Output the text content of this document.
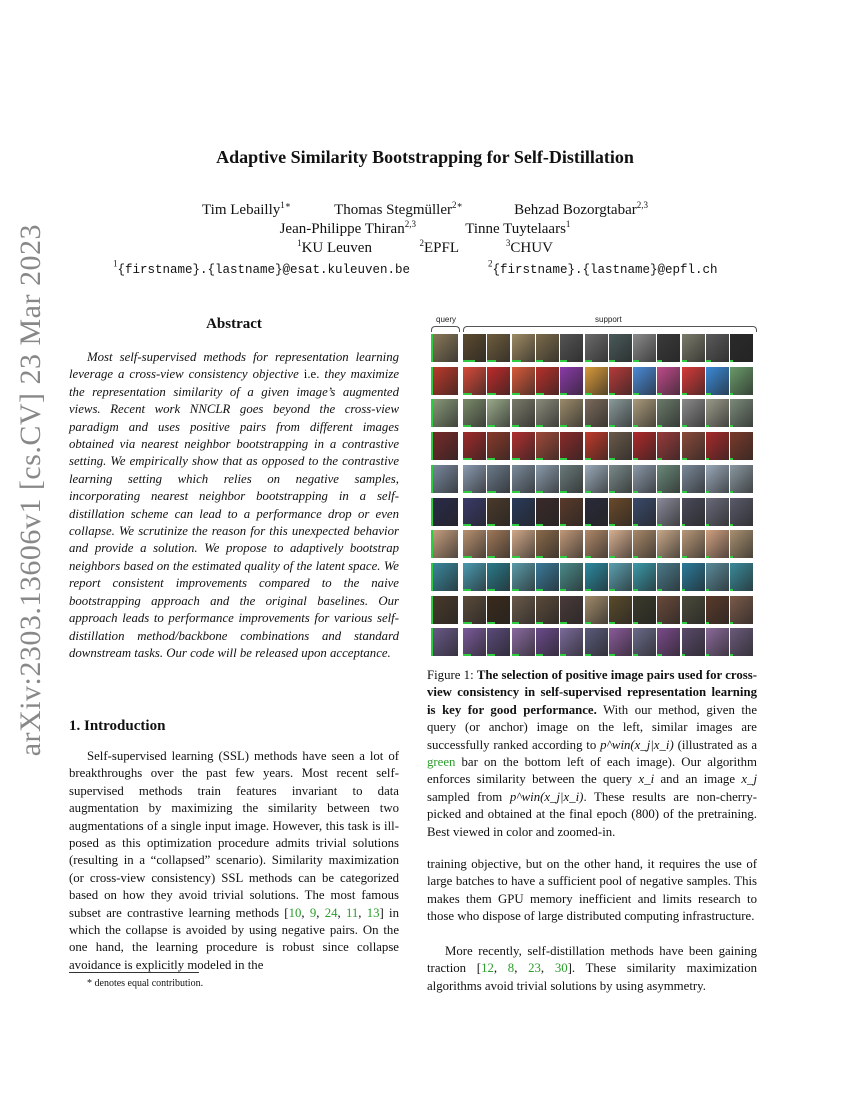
arXiv:2303.13606v1 [cs.CV] 23 Mar 2023
Adaptive Similarity Bootstrapping for Self-Distillation
Tim Lebailly$^{1∗}$	Thomas Stegmüller$^{2∗}$	Behzad Bozorgtabar$^{2,3}$
Jean-Philippe Thiran$^{2,3}$	Tinne Tuytelaars$^1$
$^1$KU Leuven	$^2$EPFL	$^3$CHUV
$^1${firstname}.{lastname}@esat.kuleuven.be	$^2${firstname}.{lastname}@epfl.ch
Abstract
Most self-supervised methods for representation learning leverage a cross-view consistency objective i.e. they maximize the representation similarity of a given image’s augmented views. Recent work NNCLR goes beyond the cross-view paradigm and uses positive pairs from different images obtained via nearest neighbor bootstrapping in a contrastive setting. We empirically show that as opposed to the contrastive learning setting which relies on negative samples, incorporating nearest neighbor bootstrapping in a self-distillation scheme can lead to a performance drop or even collapse. We scrutinize the reason for this unexpected behavior and provide a solution. We propose to adaptively bootstrap neighbors based on the estimated quality of the latent space. We report consistent improvements compared to the naive bootstrapping approach and the original baselines. Our approach leads to performance improvements for various self-distillation method/backbone combinations and standard downstream tasks. Our code will be released upon acceptance.
1. Introduction
Self-supervised learning (SSL) methods have seen a lot of breakthroughs over the past few years. Most recent self-supervised methods train features invariant to data augmentation by maximizing the similarity between two augmentations of a single input image. However, this task is ill-posed as this optimization procedure admits trivial solutions (resulting in a “collapsed” scenario). Similarity maximization (or cross-view consistency) SSL methods can be categorized based on how they avoid trivial solutions. The most famous subset are contrastive learning methods [10, 9, 24, 11, 13] in which the collapse is avoided by using negative pairs. On the one hand, the learning procedure is robust since collapse avoidance is explicitly modeled in the
* denotes equal contribution.
query	support
Figure 1: The selection of positive image pairs used for cross-view consistency in self-supervised representation learning is key for good performance. With our method, given the query (or anchor) image on the left, similar images are successfully ranked according to p^win(x_j|x_i) (illustrated as a green bar on the bottom left of each image). Our algorithm enforces similarity between the query x_i and an image x_j sampled from p^win(x_j|x_i). These results are non-cherry-picked and obtained at the final epoch (800) of the pretraining. Best viewed in color and zoomed-in.
training objective, but on the other hand, it requires the use of large batches to have a sufficient pool of negative samples. This makes them GPU memory inefficient and limits research to those who dispose of large distributed computing infrastructure.
More recently, self-distillation methods have been gaining traction [12, 8, 23, 30]. These similarity maximization algorithms avoid trivial solutions by using asymmetry.
